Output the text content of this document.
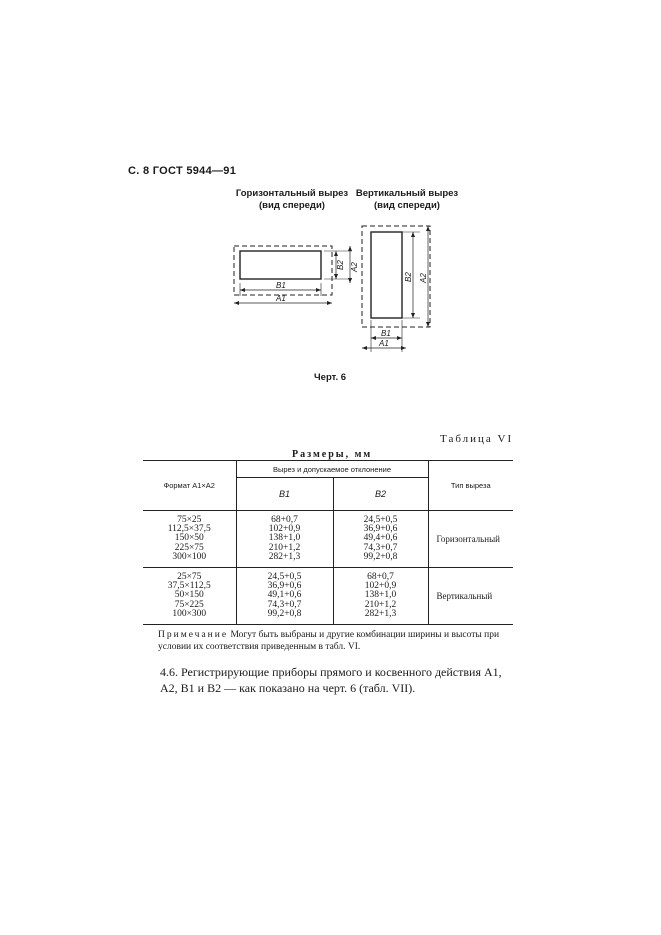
С. 8 ГОСТ 5944—91
Горизонтальный вырез
(вид спереди)
Вертикальный вырез
(вид спереди)
B1
A1
B2 A2
B2 A2
B1
A1
Черт. 6
Таблица VI
Размеры, мм
Формат A1×A2	Вырез и допускаемое отклонение		Тип выреза
	B1	B2	

75×25
112,5×37,5
150×50
225×75
300×100	68+0,7
102+0,9
138+1,0
210+1,2
282+1,3	24,5+0,5
36,9+0,6
49,4+0,6
74,3+0,7
99,2+0,8	Горизонтальный

25×75
37,5×112,5
50×150
75×225
100×300	24,5+0,5
36,9+0,6
49,1+0,6
74,3+0,7
99,2+0,8	68+0,7
102+0,9
138+1,0
210+1,2
282+1,3	Вертикальный
Примечание Могут быть выбраны и другие комбинации ширины и высоты при условии их соответствия приведенным в табл. VI.
4.6. Регистрирующие приборы прямого и косвенного действия A1, A2, B1 и B2 — как показано на черт. 6 (табл. VII).
